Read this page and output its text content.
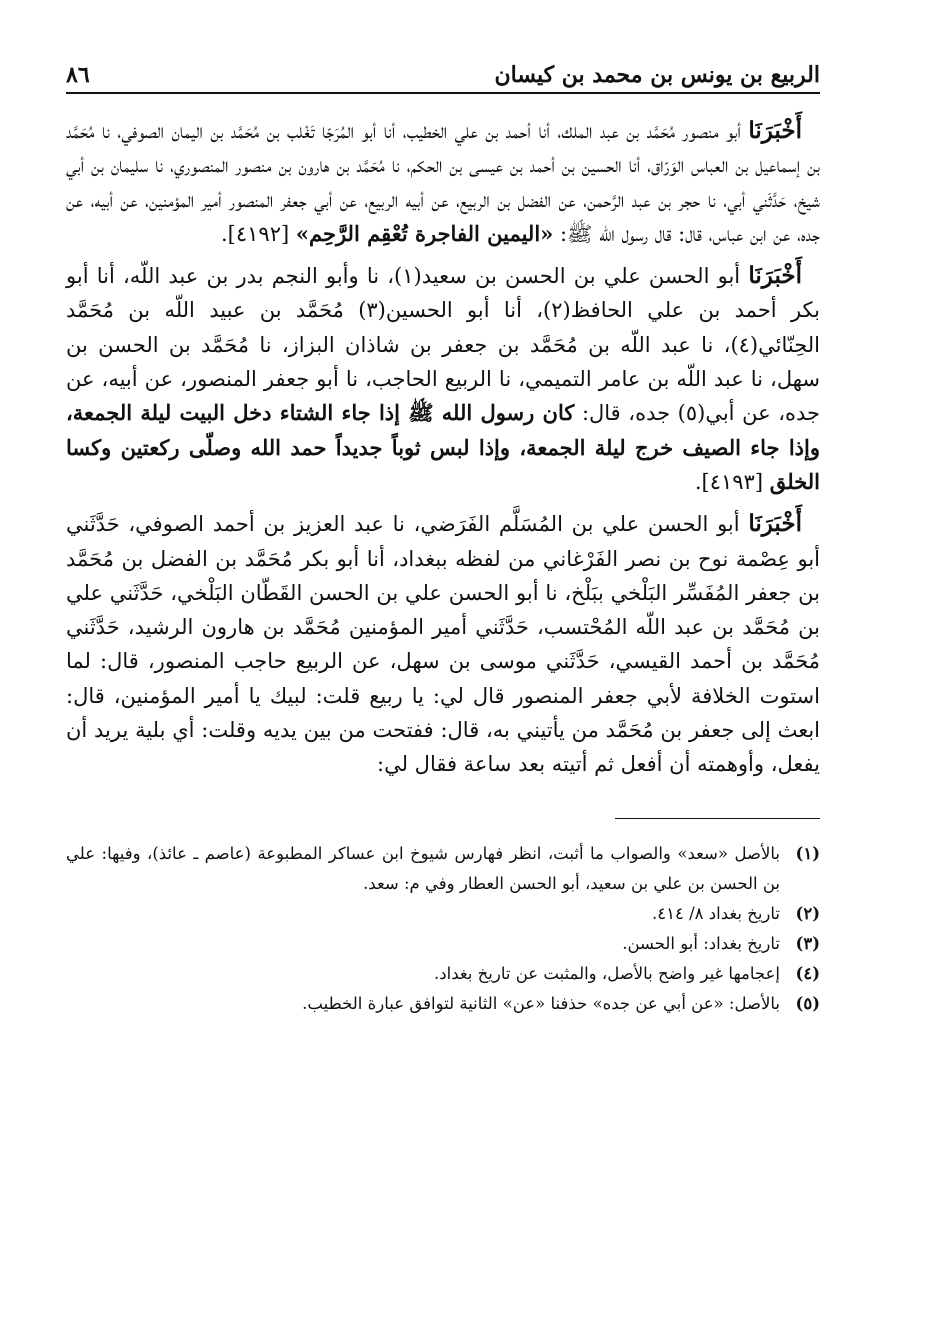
الربيع بن يونس بن محمد بن كيسان
٨٦

أَخْبَرَنَا أبو منصور مُحَمَّد بن عبد الملك، أنا أحمد بن علي الخطيب، أنا أبو المُرَجّا تَغْلب بن مُحَمَّد بن اليمان الصوفي، نا مُحَمَّد بن إسماعيل بن العباس الوَرّاق، أنا الحسين بن أحمد بن عيسى بن الحكم، نا مُحَمَّد بن هارون بن منصور المنصوري، نا سليمان بن أبي شيخ، حَدَّثَني أبي، نا حجر بن عبد الرَّحمن، عن الفضل بن الربيع، عن أبيه الربيع، عن أبي جعفر المنصور أمير المؤمنين، عن أبيه، عن جده، عن ابن عباس، قال: قال رسول الله ﷺ: «اليمين الفاجرة تُعْقِم الرَّحِم» [٤١٩٢].

أَخْبَرَنَا أبو الحسن علي بن الحسن بن سعيد(١)، نا وأبو النجم بدر بن عبد اللّه، أنا أبو بكر أحمد بن علي الحافظ(٢)، أنا أبو الحسين(٣) مُحَمَّد بن عبيد اللّه بن مُحَمَّد الحِنّائي(٤)، نا عبد اللّه بن مُحَمَّد بن جعفر بن شاذان البزاز، نا مُحَمَّد بن الحسن بن سهل، نا عبد اللّه بن عامر التميمي، نا الربيع الحاجب، نا أبو جعفر المنصور، عن أبيه، عن جده، عن أبي(٥) جده، قال: كان رسول الله ﷺ إذا جاء الشتاء دخل البيت ليلة الجمعة، وإذا جاء الصيف خرج ليلة الجمعة، وإذا لبس ثوباً جديداً حمد الله وصلّى ركعتين وكسا الخلق [٤١٩٣].

أَخْبَرَنَا أبو الحسن علي بن المُسَلَّم الفَرَضي، نا عبد العزيز بن أحمد الصوفي، حَدَّثَني أبو عِصْمة نوح بن نصر الفَرْغاني من لفظه ببغداد، أنا أبو بكر مُحَمَّد بن الفضل بن مُحَمَّد بن جعفر المُفَسِّر البَلْخي ببَلْخ، نا أبو الحسن علي بن الحسن القَطّان البَلْخي، حَدَّثَني علي بن مُحَمَّد بن عبد اللّه المُحْتسب، حَدَّثَني أمير المؤمنين مُحَمَّد بن هارون الرشيد، حَدَّثَني مُحَمَّد بن أحمد القيسي، حَدَّثَني موسى بن سهل، عن الربيع حاجب المنصور، قال: لما استوت الخلافة لأبي جعفر المنصور قال لي: يا ربيع قلت: لبيك يا أمير المؤمنين، قال: ابعث إلى جعفر بن مُحَمَّد من يأتيني به، قال: ففتحت من بين يديه وقلت: أي بلية يريد أن يفعل، وأوهمته أن أفعل ثم أتيته بعد ساعة فقال لي:

(١)
بالأصل «سعد» والصواب ما أثبت، انظر فهارس شيوخ ابن عساكر المطبوعة (عاصم ـ عائذ)، وفيها: علي بن الحسن بن علي بن سعيد، أبو الحسن العطار وفي م: سعد.
(٢)
تاريخ بغداد ٨/ ٤١٤.
(٣)
تاريخ بغداد: أبو الحسن.
(٤)
إعجامها غير واضح بالأصل، والمثبت عن تاريخ بغداد.
(٥)
بالأصل: «عن أبي عن جده» حذفنا «عن» الثانية لتوافق عبارة الخطيب.
